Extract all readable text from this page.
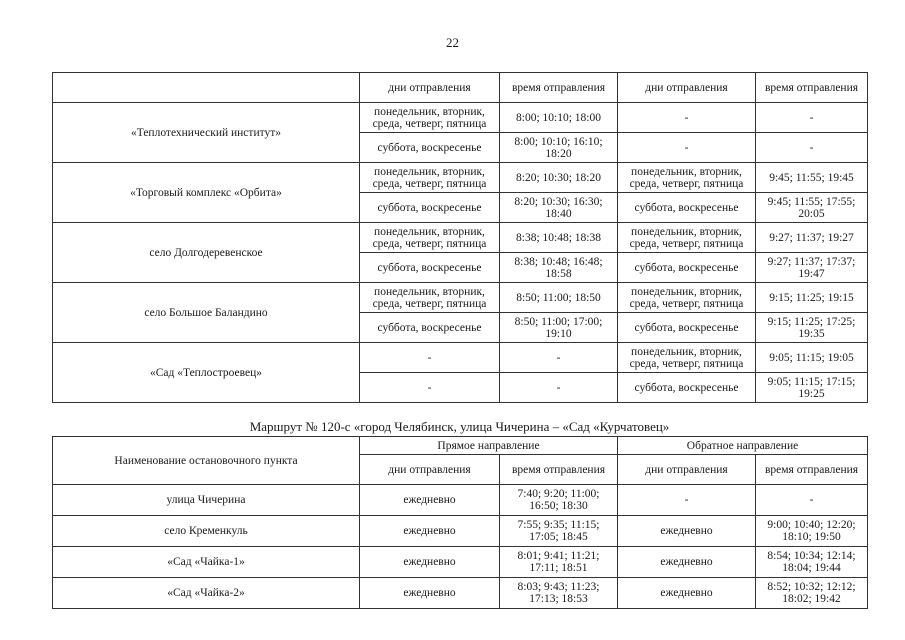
22
	дни отправления	время отправления	дни отправления	время отправления
«Теплотехнический институт»	понедельник, вторник, среда, четверг, пятница	8:00; 10:10; 18:00	-	-
	суббота, воскресенье	8:00; 10:10; 16:10; 18:20	-	-
«Торговый комплекс «Орбита»	понедельник, вторник, среда, четверг, пятница	8:20; 10:30; 18:20	понедельник, вторник, среда, четверг, пятница	9:45; 11:55; 19:45
	суббота, воскресенье	8:20; 10:30; 16:30; 18:40	суббота, воскресенье	9:45; 11:55; 17:55; 20:05
село Долгодеревенское	понедельник, вторник, среда, четверг, пятница	8:38; 10:48; 18:38	понедельник, вторник, среда, четверг, пятница	9:27; 11:37; 19:27
	суббота, воскресенье	8:38; 10:48; 16:48; 18:58	суббота, воскресенье	9:27; 11:37; 17:37; 19:47
село Большое Баландино	понедельник, вторник, среда, четверг, пятница	8:50; 11:00; 18:50	понедельник, вторник, среда, четверг, пятница	9:15; 11:25; 19:15
	суббота, воскресенье	8:50; 11:00; 17:00; 19:10	суббота, воскресенье	9:15; 11:25; 17:25; 19:35
«Сад «Теплостроевец»	-	-	понедельник, вторник, среда, четверг, пятница	9:05; 11:15; 19:05
	-	-	суббота, воскресенье	9:05; 11:15; 17:15; 19:25
Маршрут № 120-с «город Челябинск, улица Чичерина – «Сад «Курчатовец»
Наименование остановочного пункта	Прямое направление		Обратное направление	
	дни отправления	время отправления	дни отправления	время отправления
улица Чичерина	ежедневно	7:40; 9:20; 11:00; 16:50; 18:30	-	-
село Кременкуль	ежедневно	7:55; 9:35; 11:15; 17:05; 18:45	ежедневно	9:00; 10:40; 12:20; 18:10; 19:50
«Сад «Чайка-1»	ежедневно	8:01; 9:41; 11:21; 17:11; 18:51	ежедневно	8:54; 10:34; 12:14; 18:04; 19:44
«Сад «Чайка-2»	ежедневно	8:03; 9:43; 11:23; 17:13; 18:53	ежедневно	8:52; 10:32; 12:12; 18:02; 19:42
